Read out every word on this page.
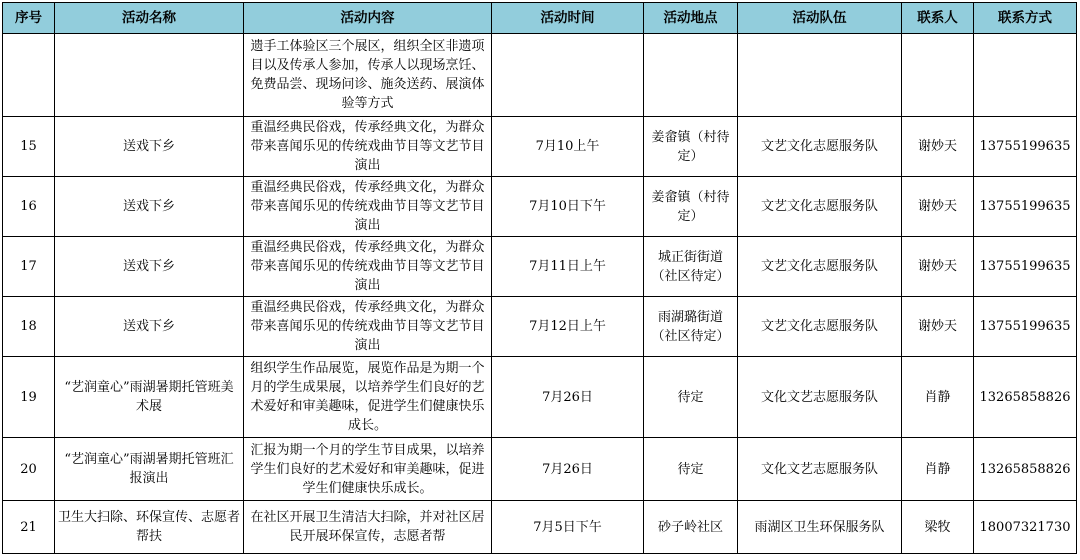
序号	活动名称	活动内容	活动时间	活动地点	活动队伍	联系人	联系方式
		遗手工体验区三个展区，组织全区非遗项目以及传承人参加，传承人以现场烹饪、免费品尝、现场问诊、施灸送药、展演体验等方式					
15	送戏下乡	重温经典民俗戏，传承经典文化，为群众带来喜闻乐见的传统戏曲节目等文艺节目演出	7月10上午	姜畲镇（村待定）	文艺文化志愿服务队	谢妙天	13755199635
16	送戏下乡	重温经典民俗戏，传承经典文化，为群众带来喜闻乐见的传统戏曲节目等文艺节目演出	7月10日下午	姜畲镇（村待定）	文艺文化志愿服务队	谢妙天	13755199635
17	送戏下乡	重温经典民俗戏，传承经典文化，为群众带来喜闻乐见的传统戏曲节目等文艺节目演出	7月11日上午	城正街街道（社区待定）	文艺文化志愿服务队	谢妙天	13755199635
18	送戏下乡	重温经典民俗戏，传承经典文化，为群众带来喜闻乐见的传统戏曲节目等文艺节目演出	7月12日上午	雨湖璐街道（社区待定）	文艺文化志愿服务队	谢妙天	13755199635
19	“艺润童心”雨湖暑期托管班美术展	组织学生作品展览，展览作品是为期一个月的学生成果展，以培养学生们良好的艺术爱好和审美趣味，促进学生们健康快乐成长。	7月26日	待定	文化文艺志愿服务队	肖静	13265858826
20	“艺润童心”雨湖暑期托管班汇报演出	汇报为期一个月的学生节目成果，以培养学生们良好的艺术爱好和审美趣味，促进学生们健康快乐成长。	7月26日	待定	文化文艺志愿服务队	肖静	13265858826
21	卫生大扫除、环保宣传、志愿者帮扶	在社区开展卫生清洁大扫除，并对社区居民开展环保宣传，志愿者帮	7月5日下午	砂子岭社区	雨湖区卫生环保服务队	梁牧	18007321730
